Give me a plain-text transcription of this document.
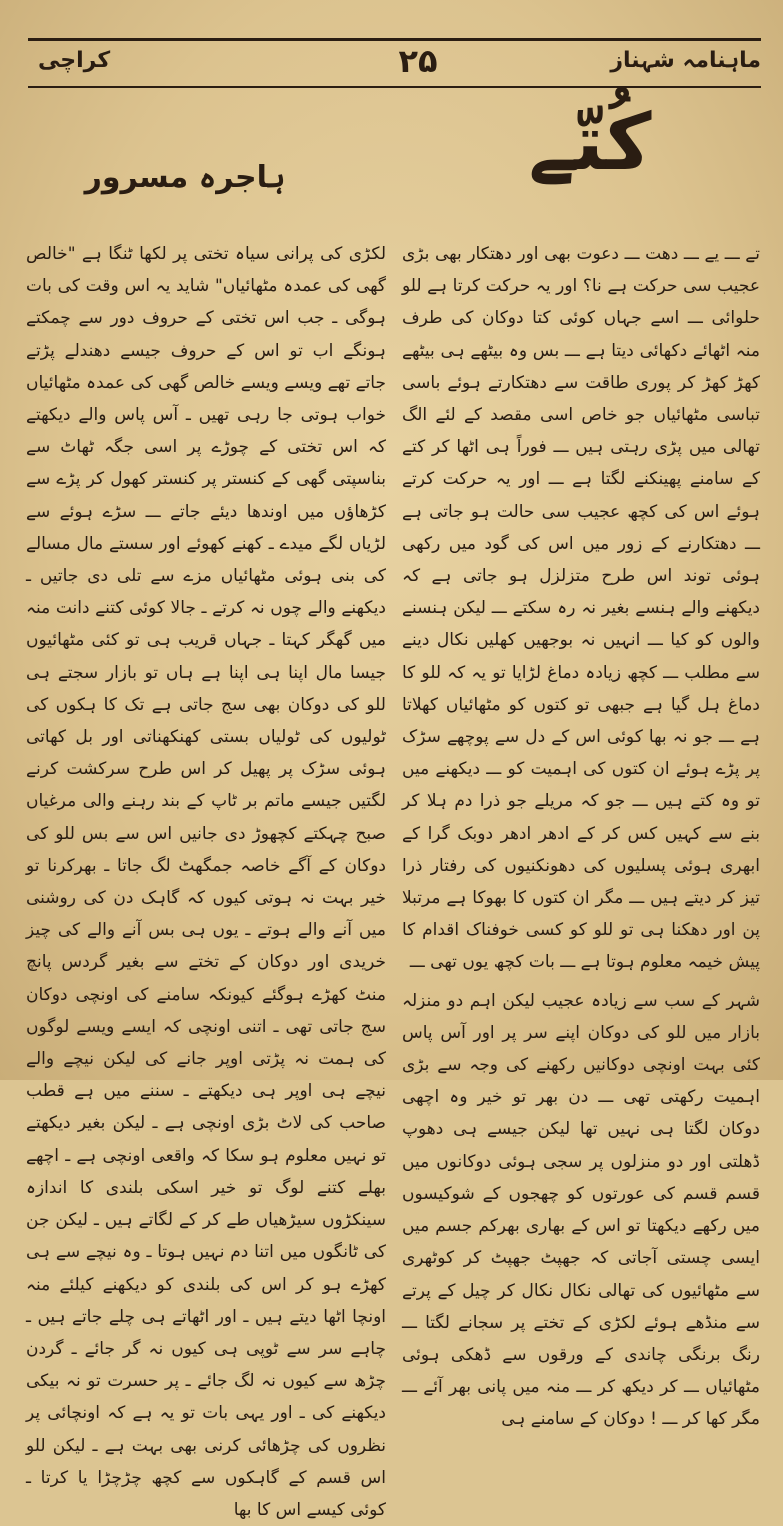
کراچی	۲۵	ماہنامہ شہناز
کُتّے
ہاجرہ مسرور

تے ـــ یے ـــ دھت ـــ دعوت بھی اور دھتکار بھی بڑی عجیب سی حرکت ہے نا؟ اور یہ حرکت کرتا ہے للو حلوائی ـــ اسے جہاں کوئی کتا دوکان کی طرف منہ اٹھائے دکھائی دیتا ہے ـــ بس وہ بیٹھے ہی بیٹھے کھڑ کھڑ کر پوری طاقت سے دھتکارتے ہوئے باسی تباسی مٹھائیاں جو خاص اسی مقصد کے لئے الگ تھالی میں پڑی رہتی ہیں ـــ فوراً ہی اٹھا کر کتے کے سامنے پھینکنے لگتا ہے ـــ اور یہ حرکت کرتے ہوئے اس کی کچھ عجیب سی حالت ہو جاتی ہے ـــ دھتکارنے کے زور میں اس کی گود میں رکھی ہوئی توند اس طرح متزلزل ہو جاتی ہے کہ دیکھنے والے ہنسے بغیر نہ رہ سکتے ـــ لیکن ہنسنے والوں کو کیا ـــ انہیں نہ بوجھیں کھلیں نکال دینے سے مطلب ـــ کچھ زیادہ دماغ لڑایا تو یہ کہ للو کا دماغ ہل گیا ہے جبھی تو کتوں کو مٹھائیاں کھلاتا ہے ـــ جو نہ بھا کوئی اس کے دل سے پوچھے سڑک پر پڑے ہوئے ان کتوں کی اہمیت کو ـــ دیکھنے میں تو وہ کتے ہیں ـــ جو کہ مریلے جو ذرا دم ہلا کر بنے سے کہیں کس کر کے ادھر ادھر دوبک گرا کے ابھری ہوئی پسلیوں کی دھونکنیوں کی رفتار ذرا تیز کر دیتے ہیں ـــ مگر ان کتوں کا بھوکا ہے مرتبلا پن اور دھکنا ہی تو للو کو کسی خوفناک اقدام کا پیش خیمہ معلوم ہوتا ہے ـــ بات کچھ یوں تھی ـــ

شہر کے سب سے زیادہ عجیب لیکن اہم دو منزلہ بازار میں للو کی دوکان اپنے سر پر اور آس پاس کئی بہت اونچی دوکانیں رکھنے کی وجہ سے بڑی اہمیت رکھتی تھی ـــ دن بھر تو خیر وہ اچھی دوکان لگتا ہی نہیں تھا لیکن جیسے ہی دھوپ ڈھلتی اور دو منزلوں پر سجی ہوئی دوکانوں میں قسم قسم کی عورتوں کو چھجوں کے شوکیسوں میں رکھے دیکھتا تو اس کے بھاری بھرکم جسم میں ایسی چستی آجاتی کہ جھپٹ جھپٹ کر کوٹھری سے مٹھائیوں کی تھالی نکال نکال کر چیل کے پرتے سے منڈھے ہوئے لکڑی کے تختے پر سجانے لگتا ـــ رنگ برنگی چاندی کے ورقوں سے ڈھکی ہوئی مٹھائیاں ـــ کر دیکھ کر ـــ منہ میں پانی بھر آئے ـــ مگر کھا کر ـــ ! دوکان کے سامنے ہی

لکڑی کی پرانی سیاہ تختی پر لکھا ٹنگا ہے "خالص گھی کی عمدہ مٹھائیاں" شاید یہ اس وقت کی بات ہوگی ـ جب اس تختی کے حروف دور سے چمکتے ہونگے اب تو اس کے حروف جیسے دھندلے پڑتے جاتے تھے ویسے ویسے خالص گھی کی عمدہ مٹھائیاں خواب ہوتی جا رہی تھیں ـ آس پاس والے دیکھتے کہ اس تختی کے چوڑے پر اسی جگہ ٹھاٹ سے بناسپتی گھی کے کنستر پر کنستر کھول کر پڑے سے کڑھاؤں میں اوندھا دیئے جاتے ـــ سڑے ہوئے سے لڑیاں لگے میدے ـ کھنے کھوئے اور سستے مال مسالے کی بنی ہوئی مٹھائیاں مزے سے تلی دی جاتیں ـ دیکھنے والے چوں نہ کرتے ـ جالا کوئی کتنے دانت منہ میں گھگر کہتا ـ جہاں قریب ہی تو کئی مٹھائیوں جیسا مال اپنا ہی اپنا ہے ہاں تو بازار سجتے ہی للو کی دوکان بھی سج جاتی ہے تک کا ہکوں کی ٹولیوں کی ٹولیاں بستی کھنکھناتی اور بل کھاتی ہوئی سڑک پر پھیل کر اس طرح سرکشت کرنے لگتیں جیسے ماتم بر ٹاپ کے بند رہنے والی مرغیاں صبح چہکتے کچھوڑ دی جانیں اس سے بس للو کی دوکان کے آگے خاصہ جمگھٹ لگ جاتا ـ بھرکرنا تو خیر بہت نہ ہوتی کیوں کہ گاہک دن کی روشنی میں آنے والے ہوتے ـ یوں ہی بس آنے والے کی چیز خریدی اور دوکان کے تختے سے بغیر گردس پانچ منٹ کھڑے ہوگئے کیونکہ سامنے کی اونچی دوکان سج جاتی تھی ـ اتنی اونچی کہ ایسے ویسے لوگوں کی ہمت نہ پڑتی اوپر جانے کی لیکن نیچے والے نیچے ہی اوپر ہی دیکھتے ـ سننے میں ہے قطب صاحب کی لاٹ بڑی اونچی ہے ـ لیکن بغیر دیکھتے تو نہیں معلوم ہو سکا کہ واقعی اونچی ہے ـ اچھے بھلے کتنے لوگ تو خیر اسکی بلندی کا اندازہ سینکڑوں سیڑھیاں طے کر کے لگاتے ہیں ـ لیکن جن کی ٹانگوں میں اتنا دم نہیں ہوتا ـ وہ نیچے سے ہی کھڑے ہو کر اس کی بلندی کو دیکھنے کیلئے منہ اونچا اٹھا دیتے ہیں ـ اور اٹھاتے ہی چلے جاتے ہیں ـ چاہے سر سے ٹوپی ہی کیوں نہ گر جائے ـ گردن چڑھ سے کیوں نہ لگ جائے ـ پر حسرت تو نہ بیکی دیکھنے کی ـ اور یہی بات تو یہ ہے کہ اونچائی پر نظروں کی چڑھائی کرنی بھی بہت ہے ـ لیکن للو اس قسم کے گاہکوں سے کچھ چڑچڑا یا کرتا ـ کوئی کیسے اس کا بھا
